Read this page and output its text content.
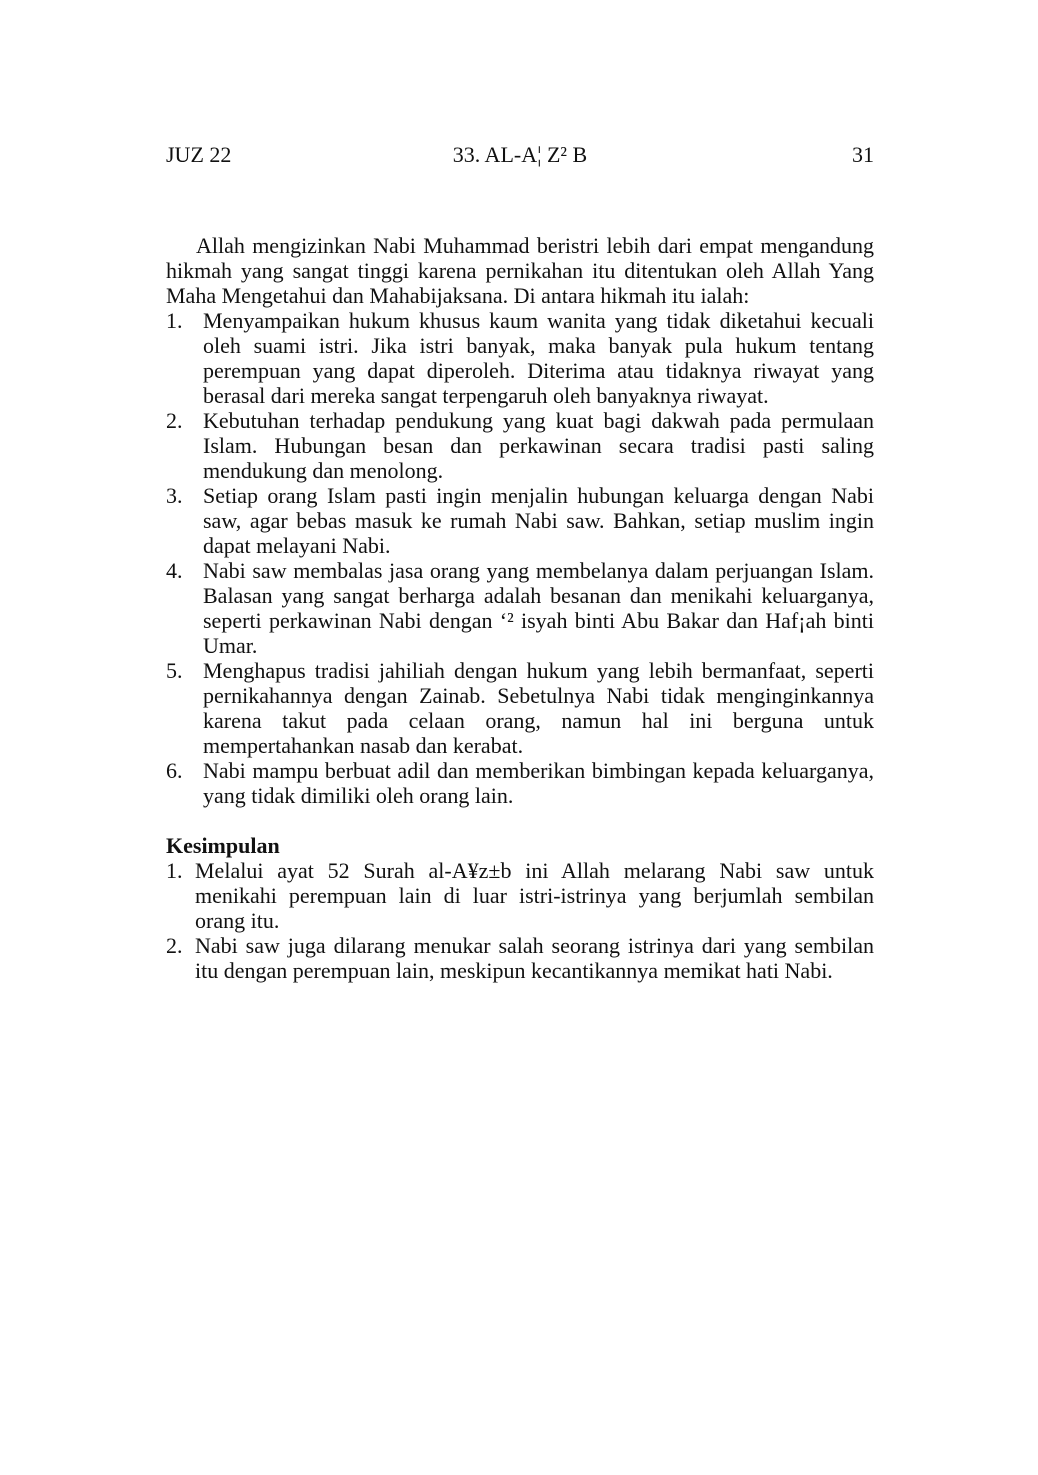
JUZ 22	33. AL-A¦ Z² B	31

Allah mengizinkan Nabi Muhammad beristri lebih dari empat mengandung hikmah yang sangat tinggi karena pernikahan itu ditentukan oleh Allah Yang Maha Mengetahui dan Mahabijaksana. Di antara hikmah itu ialah:

1. Menyampaikan hukum khusus kaum wanita yang tidak diketahui kecuali oleh suami istri. Jika istri banyak, maka banyak pula hukum tentang perempuan yang dapat diperoleh. Diterima atau tidaknya riwayat yang berasal dari mereka sangat terpengaruh oleh banyaknya riwayat.
2. Kebutuhan terhadap pendukung yang kuat bagi dakwah pada permulaan Islam. Hubungan besan dan perkawinan secara tradisi pasti saling mendukung dan menolong.
3. Setiap orang Islam pasti ingin menjalin hubungan keluarga dengan Nabi saw, agar bebas masuk ke rumah Nabi saw. Bahkan, setiap muslim ingin dapat melayani Nabi.
4. Nabi saw membalas jasa orang yang membelanya dalam perjuangan Islam. Balasan yang sangat berharga adalah besanan dan menikahi keluarganya, seperti perkawinan Nabi dengan ‘² isyah binti Abu Bakar dan Haf¡ah binti Umar.
5. Menghapus tradisi jahiliah dengan hukum yang lebih bermanfaat, seperti pernikahannya dengan Zainab. Sebetulnya Nabi tidak menginginkannya karena takut pada celaan orang, namun hal ini berguna untuk mempertahankan nasab dan kerabat.
6. Nabi mampu berbuat adil dan memberikan bimbingan kepada keluarganya, yang tidak dimiliki oleh orang lain.
Kesimpulan
1. Melalui ayat 52 Surah al-A¥z±b ini Allah melarang Nabi saw untuk menikahi perempuan lain di luar istri-istrinya yang berjumlah sembilan orang itu.
2. Nabi saw juga dilarang menukar salah seorang istrinya dari yang sembilan itu dengan perempuan lain, meskipun kecantikannya memikat hati Nabi.
